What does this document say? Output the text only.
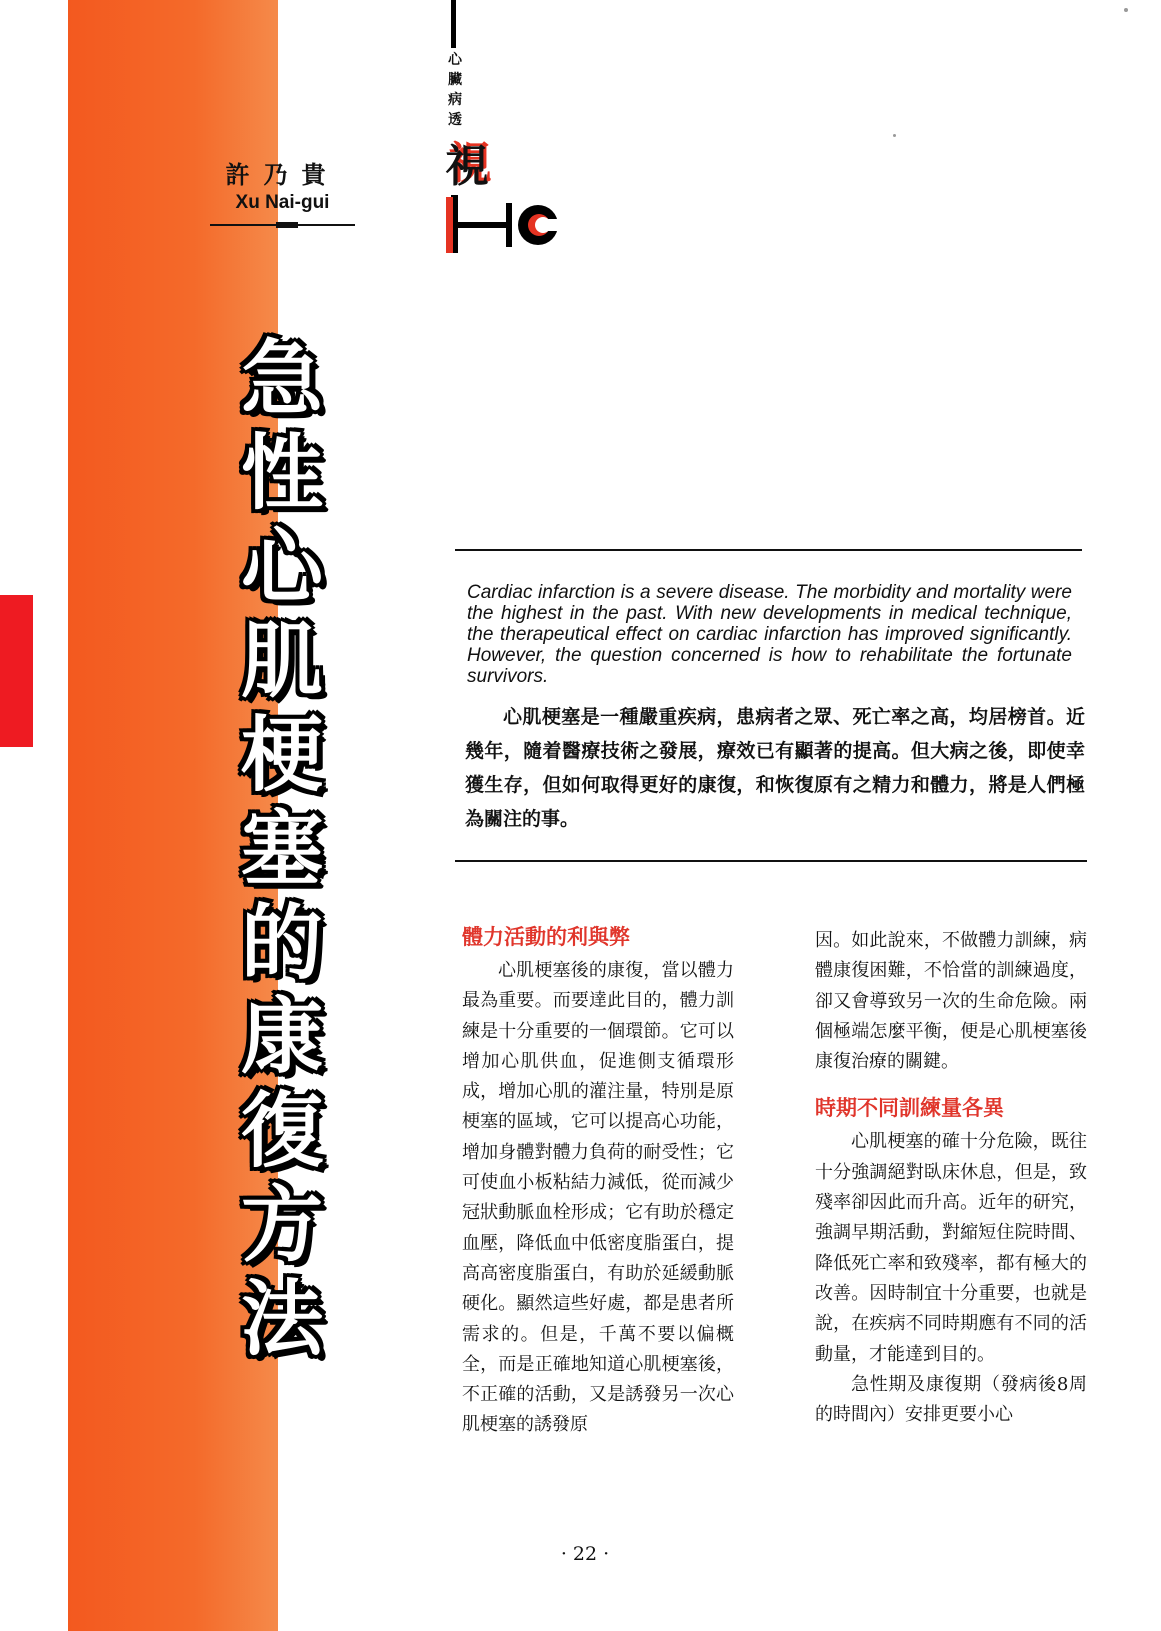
許乃貴
Xu Nai-gui
急
性
心
肌
梗
塞
的
康
復
方
法
心
臟
病
透
視
HC
Cardiac infarction is a severe disease. The morbidity and mortality were the highest in the past. With new developments in medical technique, the therapeutical effect on cardiac infarction has improved significantly. However, the question concerned is how to rehabilitate the fortunate survivors.
心肌梗塞是一種嚴重疾病，患病者之眾、死亡率之高，均居榜首。近幾年，隨着醫療技術之發展，療效已有顯著的提高。但大病之後，即使幸獲生存，但如何取得更好的康復，和恢復原有之精力和體力，將是人們極為關注的事。
體力活動的利與弊

心肌梗塞後的康復，當以體力最為重要。而要達此目的，體力訓練是十分重要的一個環節。它可以增加心肌供血，促進側支循環形成，增加心肌的灌注量，特別是原梗塞的區域，它可以提高心功能，增加身體對體力負荷的耐受性；它可使血小板粘結力減低，從而減少冠狀動脈血栓形成；它有助於穩定血壓，降低血中低密度脂蛋白，提高高密度脂蛋白，有助於延緩動脈硬化。顯然這些好處，都是患者所需求的。但是，千萬不要以偏概全，而是正確地知道心肌梗塞後，不正確的活動，又是誘發另一次心肌梗塞的誘發原

因。如此說來，不做體力訓練，病體康復困難，不恰當的訓練過度，卻又會導致另一次的生命危險。兩個極端怎麼平衡，便是心肌梗塞後康復治療的關鍵。

時期不同訓練量各異

心肌梗塞的確十分危險，既往十分強調絕對臥床休息，但是，致殘率卻因此而升高。近年的研究，強調早期活動，對縮短住院時間、降低死亡率和致殘率，都有極大的改善。因時制宜十分重要，也就是說，在疾病不同時期應有不同的活動量，才能達到目的。

急性期及康復期（發病後8周的時間內）安排更要小心

· 22 ·
